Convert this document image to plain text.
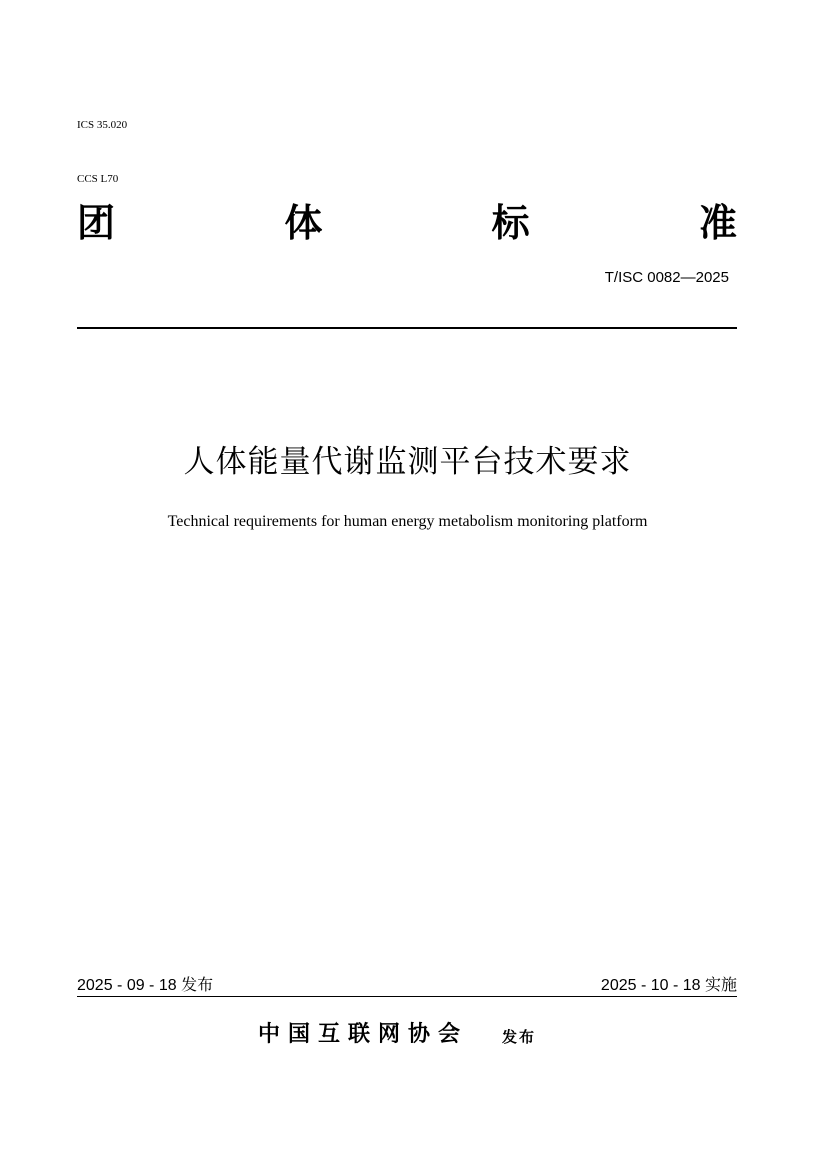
ICS 35.020

CCS L70

团	体	标	准
T/ISC 0082—2025
人体能量代谢监测平台技术要求
Technical requirements for human energy metabolism monitoring platform
2025 - 09 - 18 发布	2025 - 10 - 18 实施
中国互联网协会 发布
